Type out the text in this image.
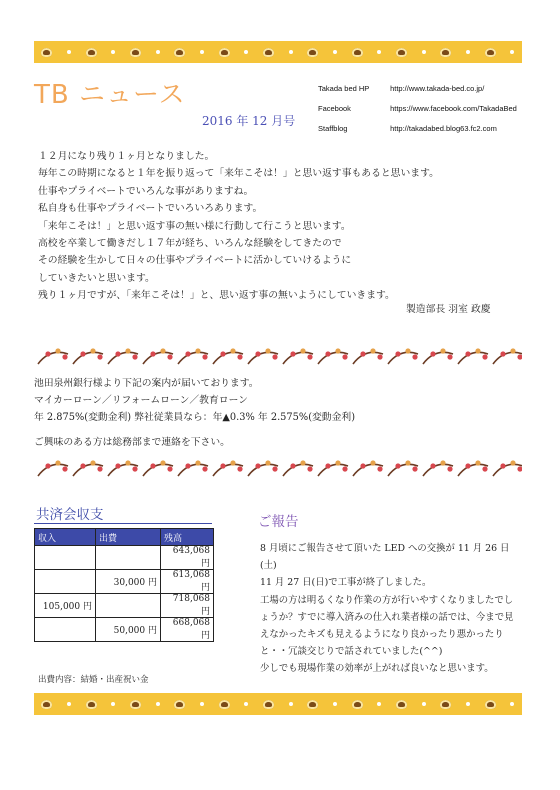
TB ニュース
2016 年 12 月号
Takada bed HP	http://www.takada-bed.co.jp/
Facebook	https://www.facebook.com/TakadaBed
Staffblog	http://takadabed.blog63.fc2.com

１２月になり残り１ヶ月となりました。

毎年この時期になると１年を振り返って「来年こそは！」と思い返す事もあると思います。

仕事やプライベートでいろんな事がありますね。

私自身も仕事やプライベートでいろいろあります。

「来年こそは！」と思い返す事の無い様に行動して行こうと思います。

高校を卒業して働きだし１７年が経ち、いろんな経験をしてきたので

その経験を生かして日々の仕事やプライベートに活かしていけるように

していきたいと思います。

残り１ヶ月ですが、「来年こそは！」と、思い返す事の無いようにしていきます。

製造部長 羽室 政慶

池田泉州銀行様より下記の案内が届いております。

マイカーローン／リフォームローン／教育ローン

年 2.875%(変動金利) 弊社従業員なら：年▲0.3% 年 2.575%(変動金利)

ご興味のある方は総務部まで連絡を下さい。
共済会収支
収入	出費	残高
		643,068 円
	30,000 円	613,068 円
105,000 円		718,068 円
	50,000 円	668,068 円
出費内容：結婚・出産祝い金
ご報告

8 月頃にご報告させて頂いた LED への交換が 11 月 26 日(土)

11 月 27 日(日)で工事が終了しました。

工場の方は明るくなり作業の方が行いやすくなりましたでし

ょうか？すでに導入済みの仕入れ業者様の話では、今まで見

えなかったキズも見えるようになり良かったり悪かったり

と・・冗談交じりで話されていました(^^)

少しでも現場作業の効率が上がれば良いなと思います。
